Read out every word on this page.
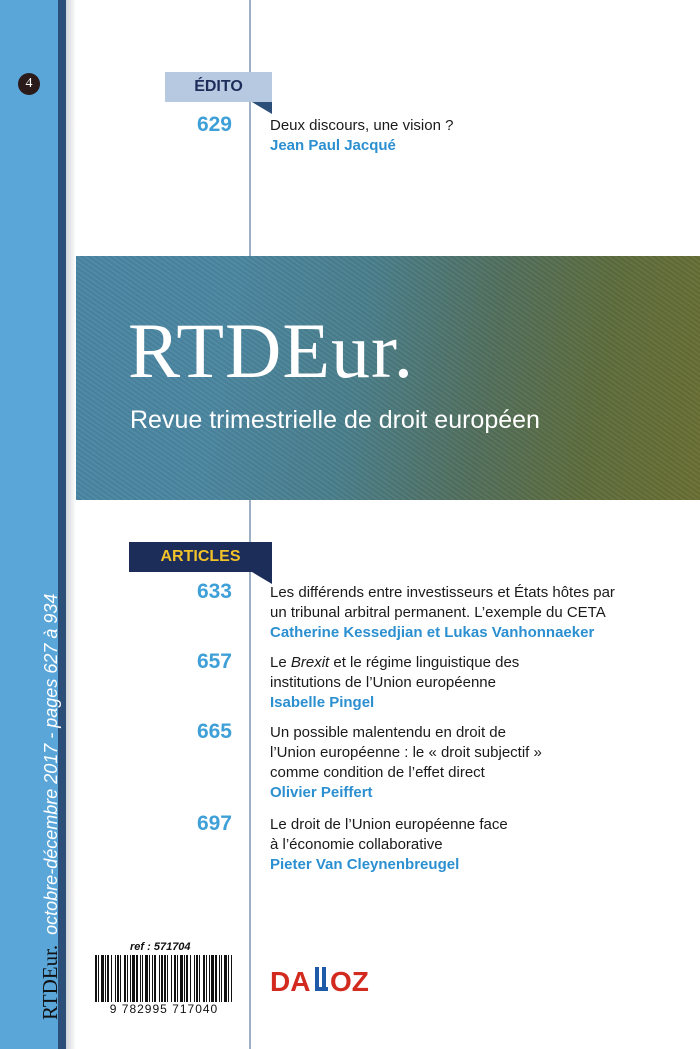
4
RTDEur.octobre-décembre 2017 - pages 627 à 934
ÉDITO
629	Deux discours, une vision ?
Jean Paul Jacqué
RTDEur.
Revue trimestrielle de droit européen
ARTICLES
633	Les différends entre investisseurs et États hôtes par
un tribunal arbitral permanent. L’exemple du CETA
Catherine Kessedjian et Lukas Vanhonnaeker
657	Le Brexit et le régime linguistique des
institutions de l’Union européenne
Isabelle Pingel
665	Un possible malentendu en droit de
l’Union européenne : le « droit subjectif »
comme condition de l’effet direct
Olivier Peiffert
697	Le droit de l’Union européenne face
à l’économie collaborative
Pieter Van Cleynenbreugel
ref : 571704
9 782995 717040
DA OZ
